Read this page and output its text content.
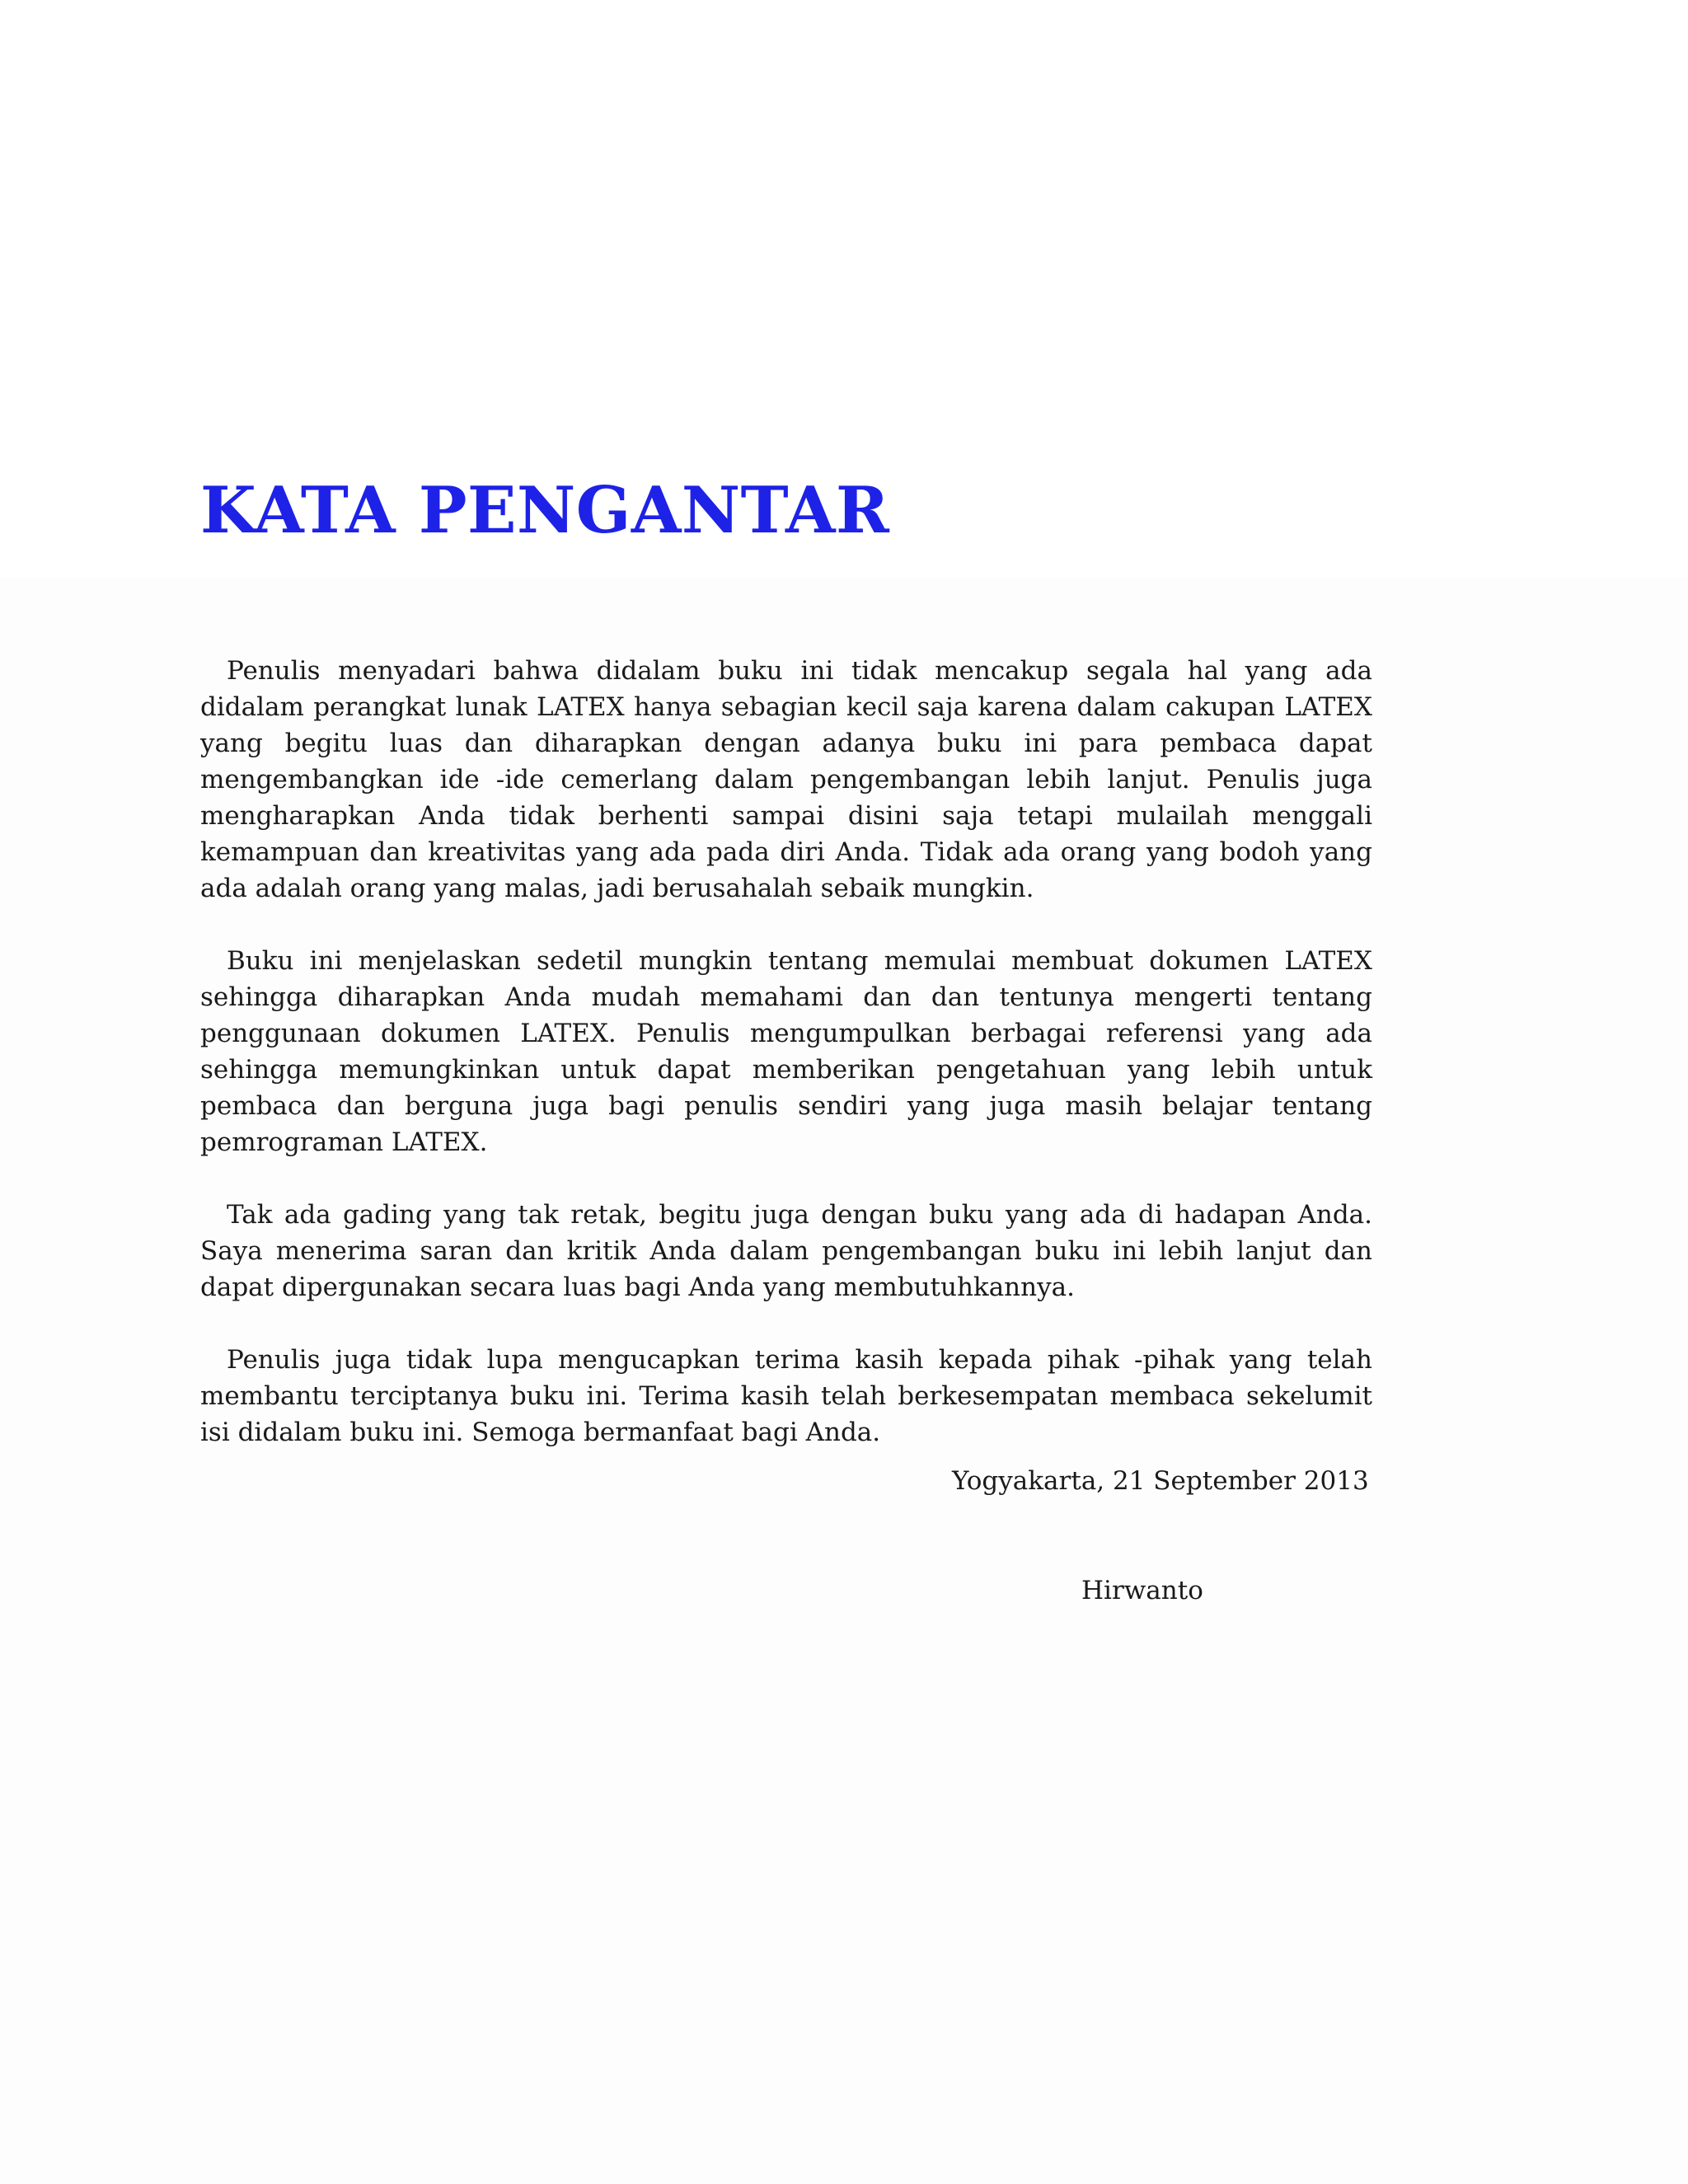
KATA PENGANTAR

Penulis menyadari bahwa didalam buku ini tidak mencakup segala hal yang ada didalam perangkat lunak LATEX hanya sebagian kecil saja karena dalam cakupan LATEX yang begitu luas dan diharapkan dengan adanya buku ini para pembaca dapat mengembangkan ide -ide cemerlang dalam pengembangan lebih lanjut. Penulis juga mengharapkan Anda tidak berhenti sampai disini saja tetapi mulailah menggali kemampuan dan kreativitas yang ada pada diri Anda. Tidak ada orang yang bodoh yang ada adalah orang yang malas, jadi berusahalah sebaik mungkin.

Buku ini menjelaskan sedetil mungkin tentang memulai membuat dokumen LATEX sehingga diharapkan Anda mudah memahami dan dan tentunya mengerti tentang penggunaan dokumen LATEX. Penulis mengumpulkan berbagai referensi yang ada sehingga memungkinkan untuk dapat memberikan pengetahuan yang lebih untuk pembaca dan berguna juga bagi penulis sendiri yang juga masih belajar tentang pemrograman LATEX.

Tak ada gading yang tak retak, begitu juga dengan buku yang ada di hadapan Anda. Saya menerima saran dan kritik Anda dalam pengembangan buku ini lebih lanjut dan dapat dipergunakan secara luas bagi Anda yang membutuhkannya.

Penulis juga tidak lupa mengucapkan terima kasih kepada pihak -pihak yang telah membantu terciptanya buku ini. Terima kasih telah berkesempatan membaca sekelumit isi didalam buku ini. Semoga bermanfaat bagi Anda.

Yogyakarta, 21 September 2013
Hirwanto
